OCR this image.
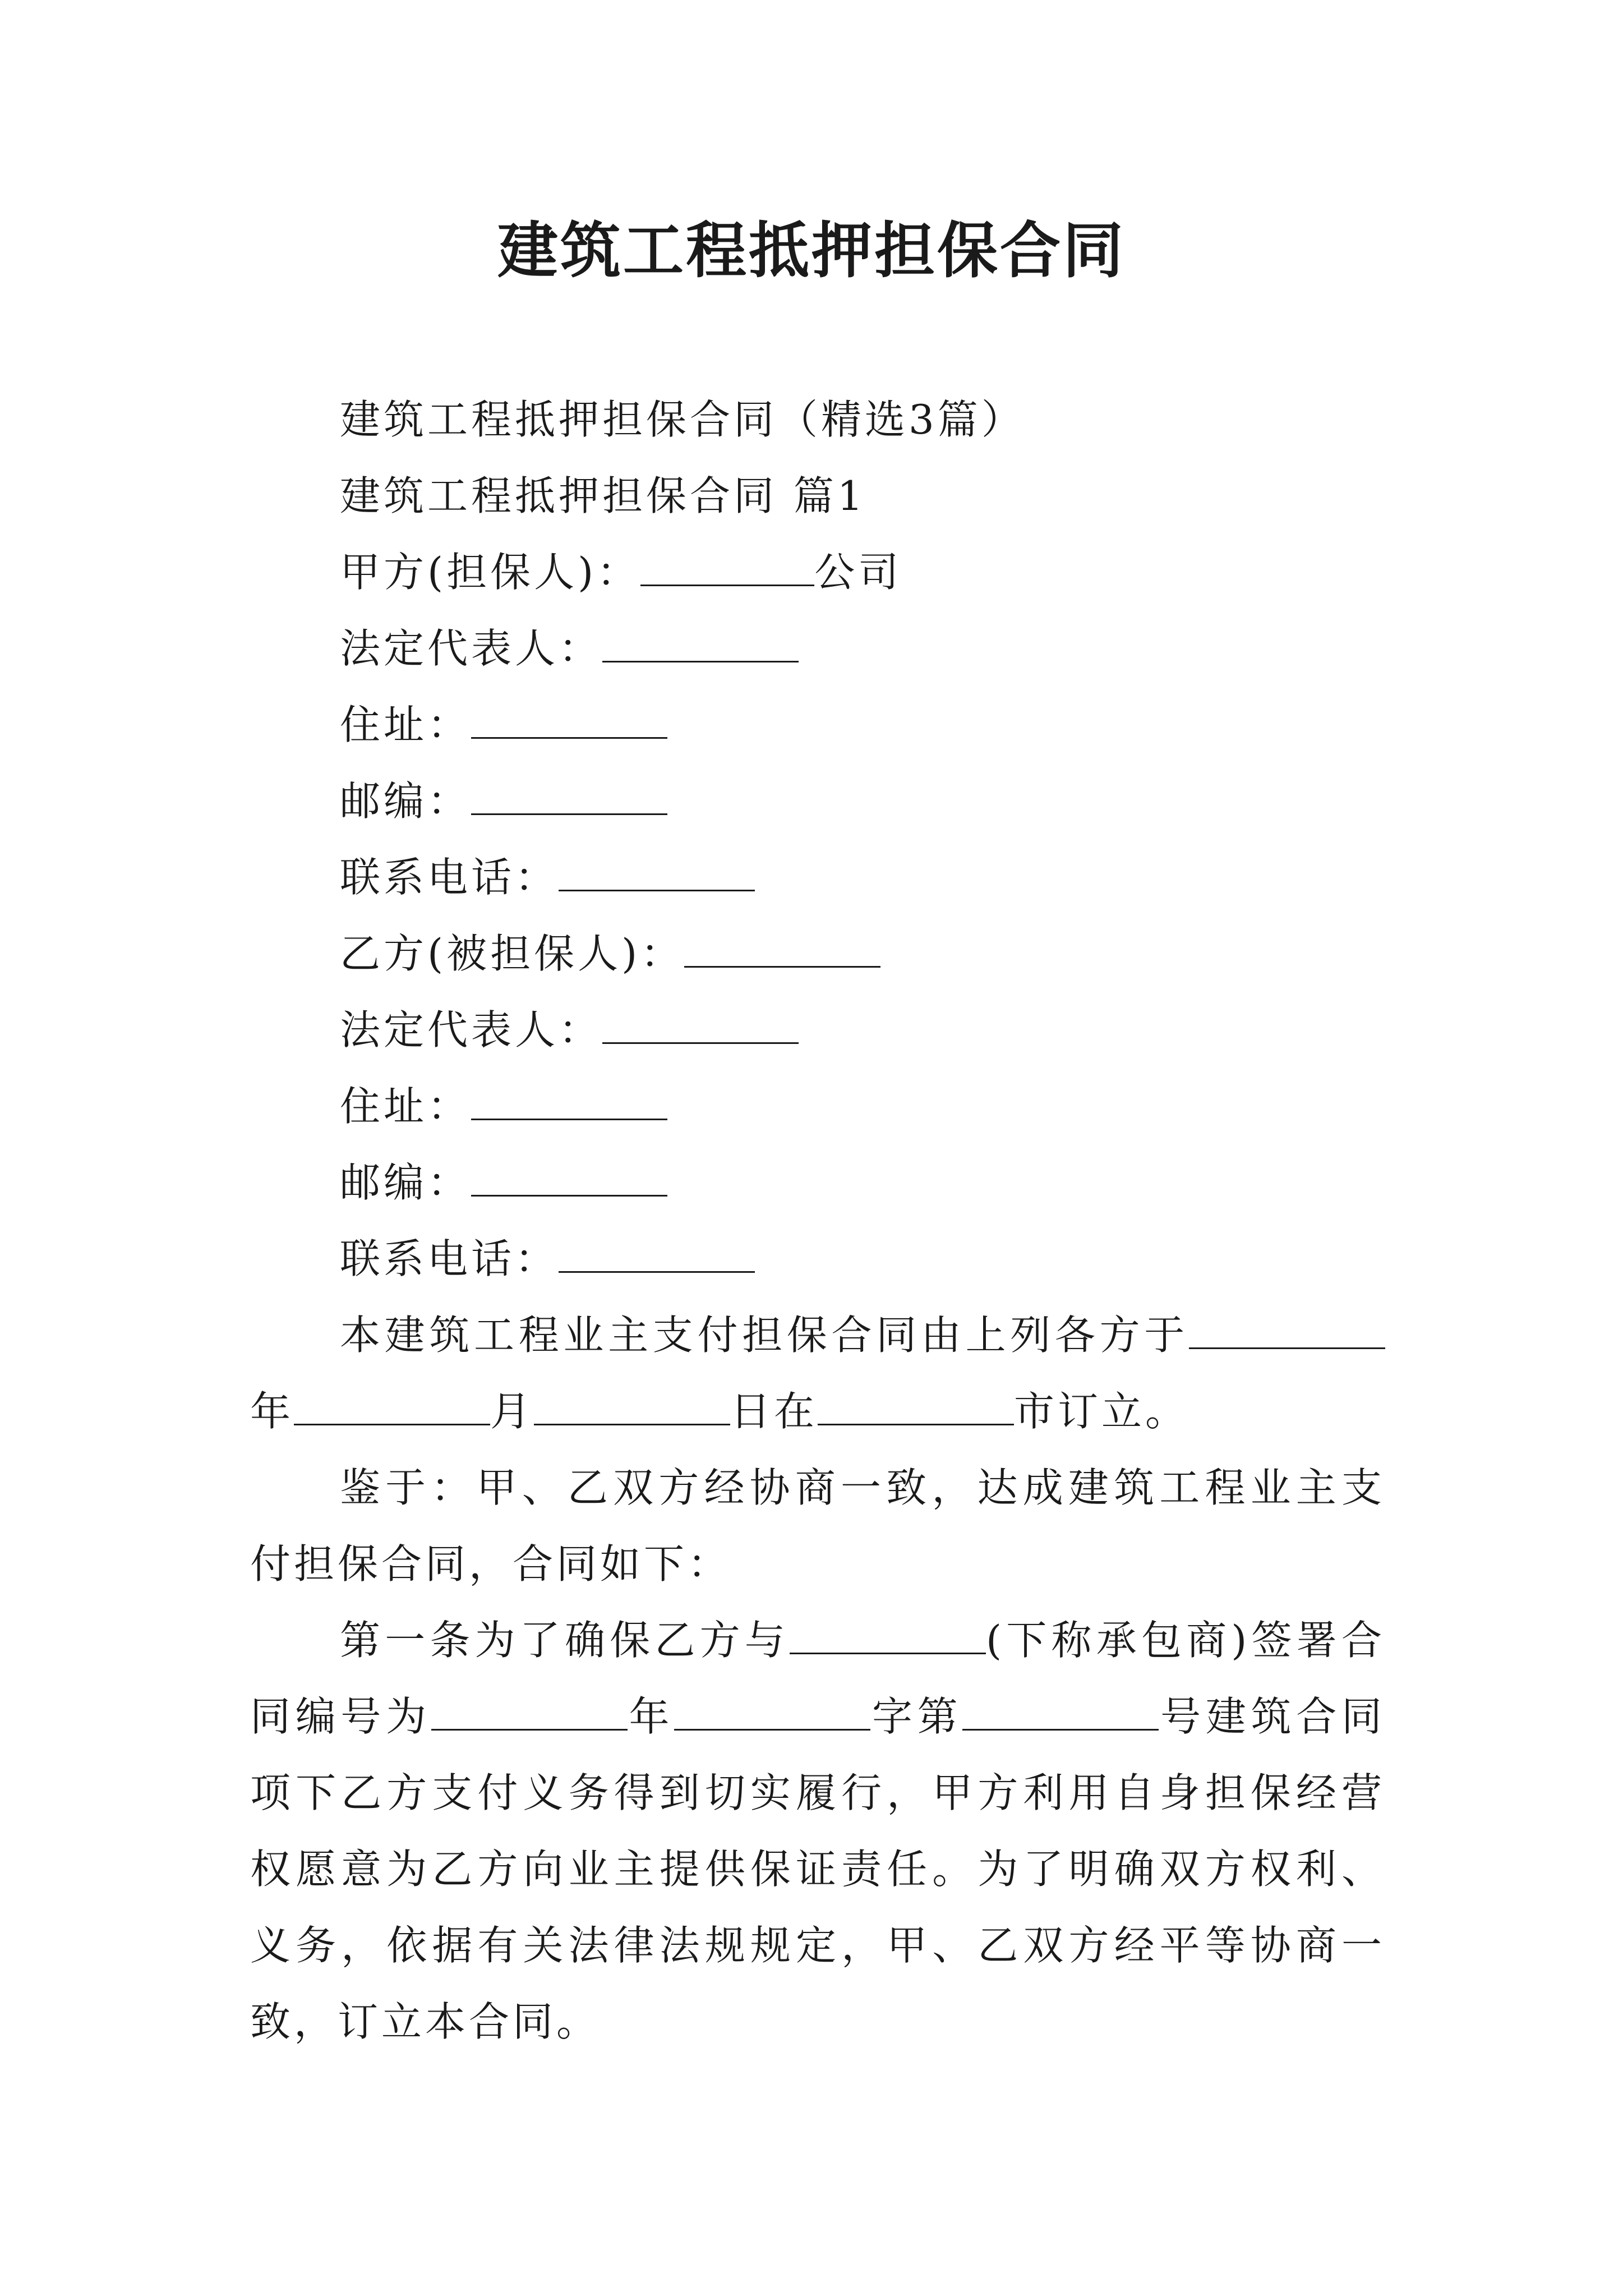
建筑工程抵押担保合同

建筑工程抵押担保合同（精选3篇）

建筑工程抵押担保合同 篇1

甲方(担保人)：	公司

法定代表人：

住址：

邮编：

联系电话：

乙方(被担保人)：

法定代表人：

住址：

邮编：

联系电话：

本建筑工程业主支付担保合同由上列各方于年	月	日在	市订立。

鉴于：甲、乙双方经协商一致，达成建筑工程业主支付担保合同，合同如下：

第一条为了确保乙方与	(下称承包商)签署合同编号为	年	字第	号建筑合同项下乙方支付义务得到切实履行，甲方利用自身担保经营权愿意为乙方向业主提供保证责任。为了明确双方权利、义务，依据有关法律法规规定，甲、乙双方经平等协商一致，订立本合同。
